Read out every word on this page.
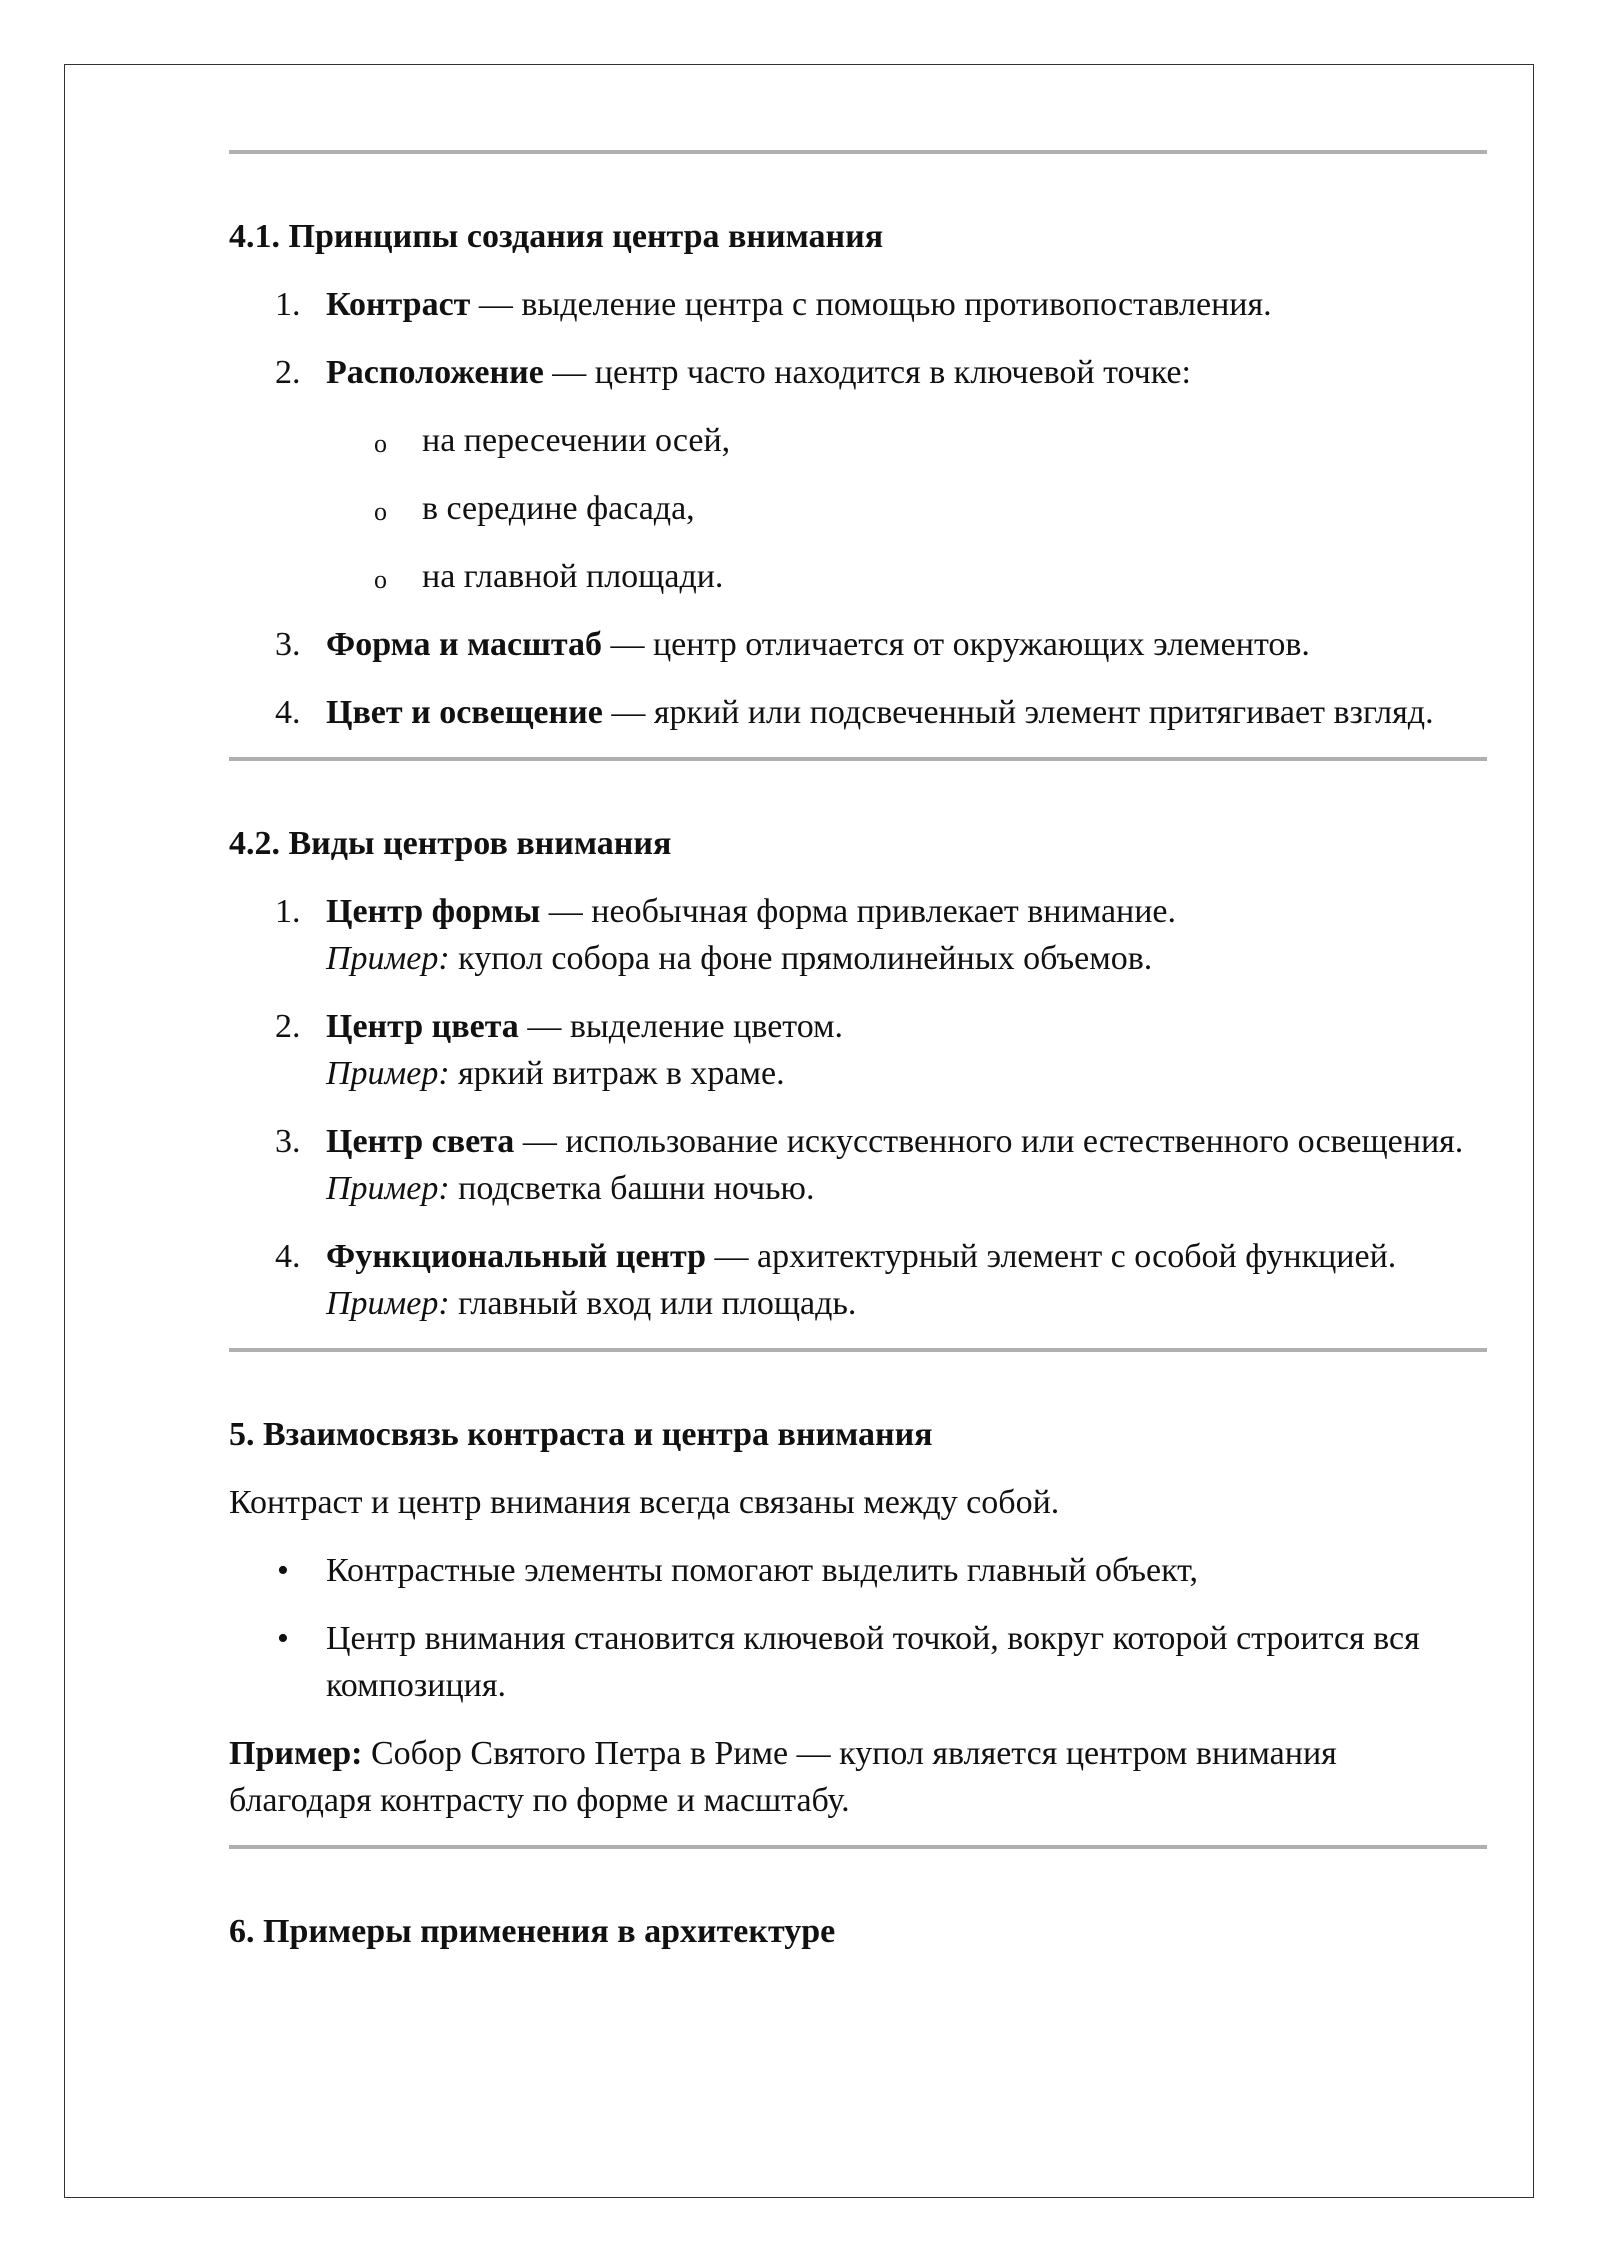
4.1. Принципы создания центра внимания
1. Контраст — выделение центра с помощью противопоставления.
2. Расположение — центр часто находится в ключевой точке:
o на пересечении осей,
o в середине фасада,
o на главной площади.
3. Форма и масштаб — центр отличается от окружающих элементов.
4. Цвет и освещение — яркий или подсвеченный элемент притягивает взгляд.
4.2. Виды центров внимания
1. Центр формы — необычная форма привлекает внимание.
Пример: купол собора на фоне прямолинейных объемов.
2. Центр цвета — выделение цветом.
Пример: яркий витраж в храме.
3. Центр света — использование искусственного или естественного освещения.
Пример: подсветка башни ночью.
4. Функциональный центр — архитектурный элемент с особой функцией.
Пример: главный вход или площадь.
5. Взаимосвязь контраста и центра внимания

Контраст и центр внимания всегда связаны между собой.

• Контрастные элементы помогают выделить главный объект,
• Центр внимания становится ключевой точкой, вокруг которой строится вся композиция.

Пример: Собор Святого Петра в Риме — купол является центром внимания благодаря контрасту по форме и масштабу.

6. Примеры применения в архитектуре
